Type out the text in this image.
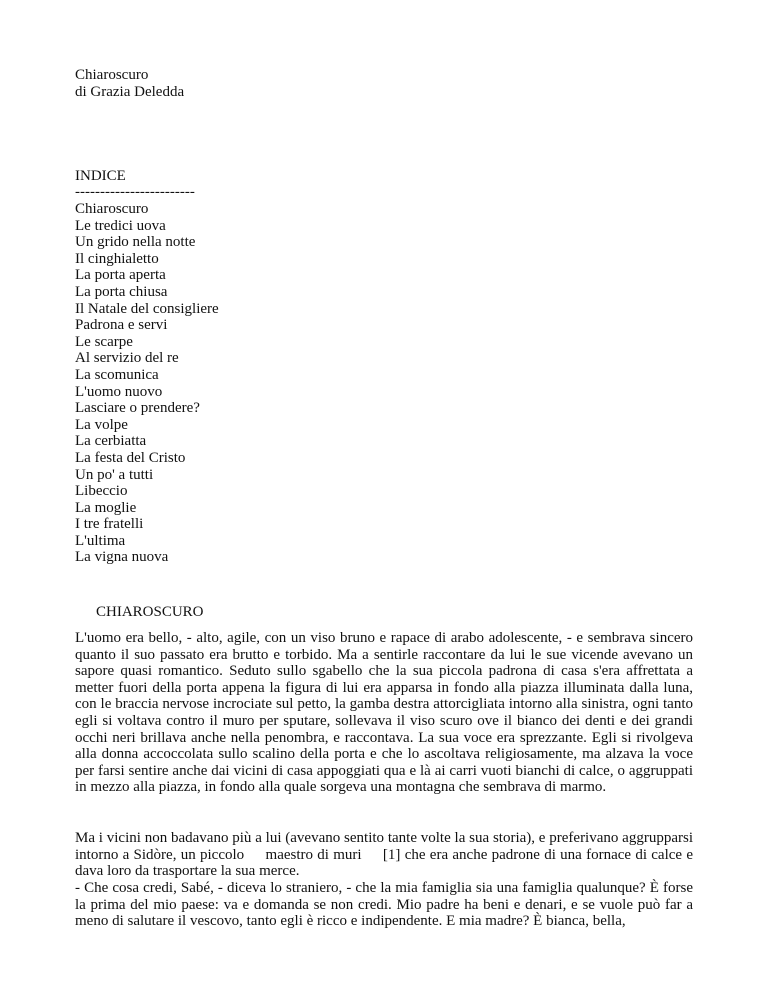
Chiaroscuro
di Grazia Deledda
INDICE
------------------------
Chiaroscuro
Le tredici uova
Un grido nella notte
Il cinghialetto
La porta aperta
La porta chiusa
Il Natale del consigliere
Padrona e servi
Le scarpe
Al servizio del re
La scomunica
L'uomo nuovo
Lasciare o prendere?
La volpe
La cerbiatta
La festa del Cristo
Un po' a tutti
Libeccio
La moglie
I tre fratelli
L'ultima
La vigna nuova
CHIAROSCURO

L'uomo era bello, - alto, agile, con un viso bruno e rapace di arabo adolescente, - e sembrava sincero quanto il suo passato era brutto e torbido. Ma a sentirle raccontare da lui le sue vicende avevano un sapore quasi romantico. Seduto sullo sgabello che la sua piccola padrona di casa s'era affrettata a metter fuori della porta appena la figura di lui era apparsa in fondo alla piazza illuminata dalla luna, con le braccia nervose incrociate sul petto, la gamba destra attorcigliata intorno alla sinistra, ogni tanto egli si voltava contro il muro per sputare, sollevava il viso scuro ove il bianco dei denti e dei grandi occhi neri brillava anche nella penombra, e raccontava. La sua voce era sprezzante. Egli si rivolgeva alla donna accoccolata sullo scalino della porta e che lo ascoltava religiosamente, ma alzava la voce per farsi sentire anche dai vicini di casa appoggiati qua e là ai carri vuoti bianchi di calce, o aggruppati in mezzo alla piazza, in fondo alla quale sorgeva una montagna che sembrava di marmo.

Ma i vicini non badavano più a lui (avevano sentito tante volte la sua storia), e preferivano aggrupparsi intorno a Sidòre, un piccolo     maestro di muri     [1] che era anche padrone di una fornace di calce e dava loro da trasportare la sua merce.

- Che cosa credi, Sabé, - diceva lo straniero, - che la mia famiglia sia una famiglia qualunque? È forse la prima del mio paese: va e domanda se non credi. Mio padre ha beni e denari, e se vuole può far a meno di salutare il vescovo, tanto egli è ricco e indipendente. E mia madre? È bianca, bella,
